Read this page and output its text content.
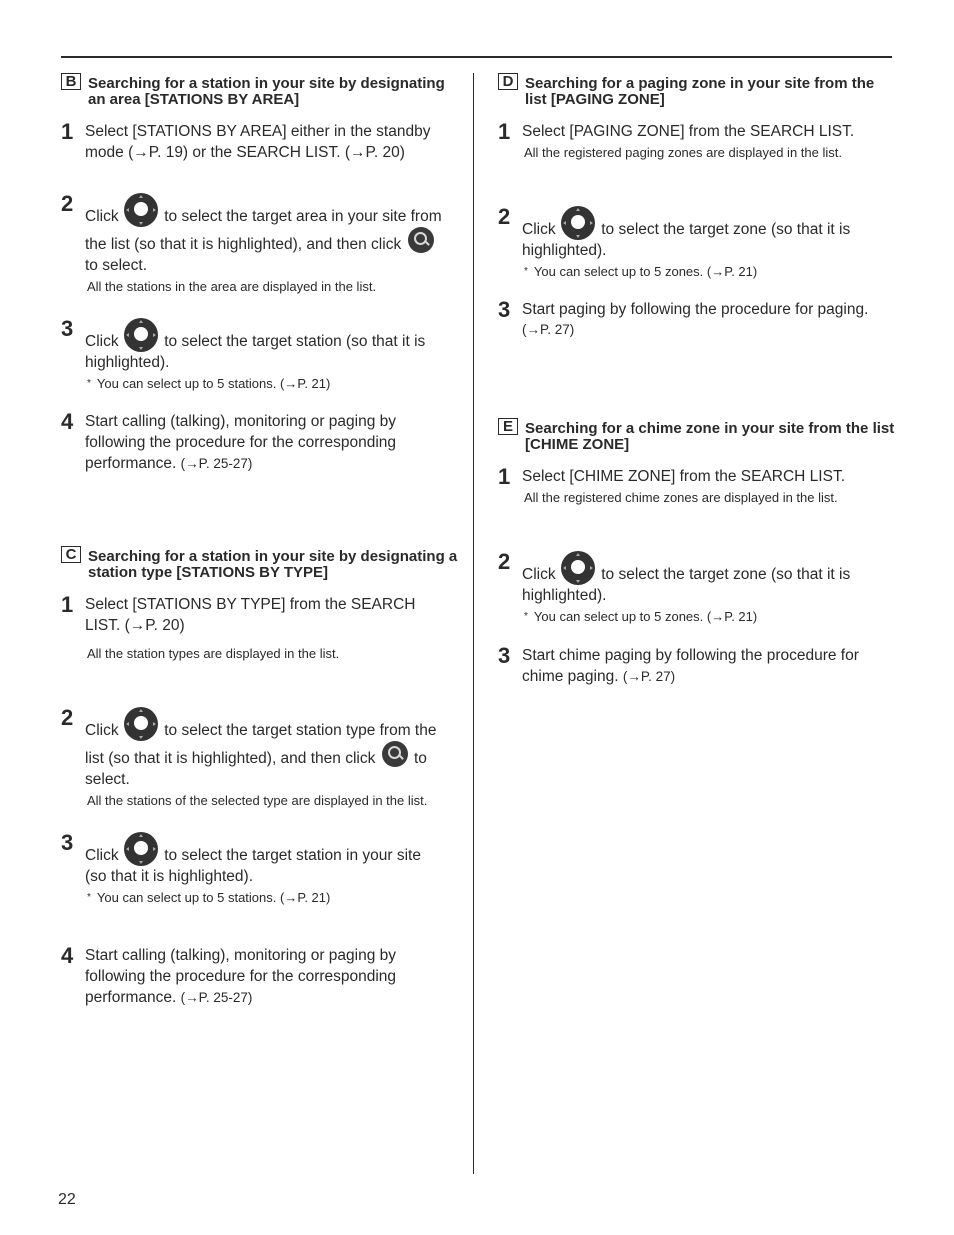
B Searching for a station in your site by designating an area [STATIONS BY AREA]
1 Select [STATIONS BY AREA] either in the standby mode (→P. 19) or the SEARCH LIST. (→P. 20)
2
Click	to select the target area in your site from the list (so that it is highlighted), and then click  to select.
All the stations in the area are displayed in the list.
3
Click	to select the target station (so that it is highlighted).
* You can select up to 5 stations. (→P. 21)
4 Start calling (talking), monitoring or paging by following the procedure for the corresponding performance. (→P. 25-27)
C Searching for a station in your site by designating a station type [STATIONS BY TYPE]
1 Select [STATIONS BY TYPE] from the SEARCH LIST. (→P. 20)
All the station types are displayed in the list.
2
Click	to select the target station type from the list (so that it is highlighted), and then click to select.
All the stations of the selected type are displayed in the list.
3
Click	to select the target station in your site (so that it is highlighted).
* You can select up to 5 stations. (→P. 21)
4 Start calling (talking), monitoring or paging by following the procedure for the corresponding performance. (→P. 25-27)
D Searching for a paging zone in your site from the list [PAGING ZONE]
1 Select [PAGING ZONE] from the SEARCH LIST.
All the registered paging zones are displayed in the list.
2
Click	to select the target zone (so that it is highlighted).
* You can select up to 5 zones. (→P. 21)
3 Start paging by following the procedure for paging.
(→P. 27)
E Searching for a chime zone in your site from the list [CHIME ZONE]
1 Select [CHIME ZONE] from the SEARCH LIST.
All the registered chime zones are displayed in the list.
2
Click	to select the target zone (so that it is highlighted).
* You can select up to 5 zones. (→P. 21)
3 Start chime paging by following the procedure for chime paging. (→P. 27)
22
